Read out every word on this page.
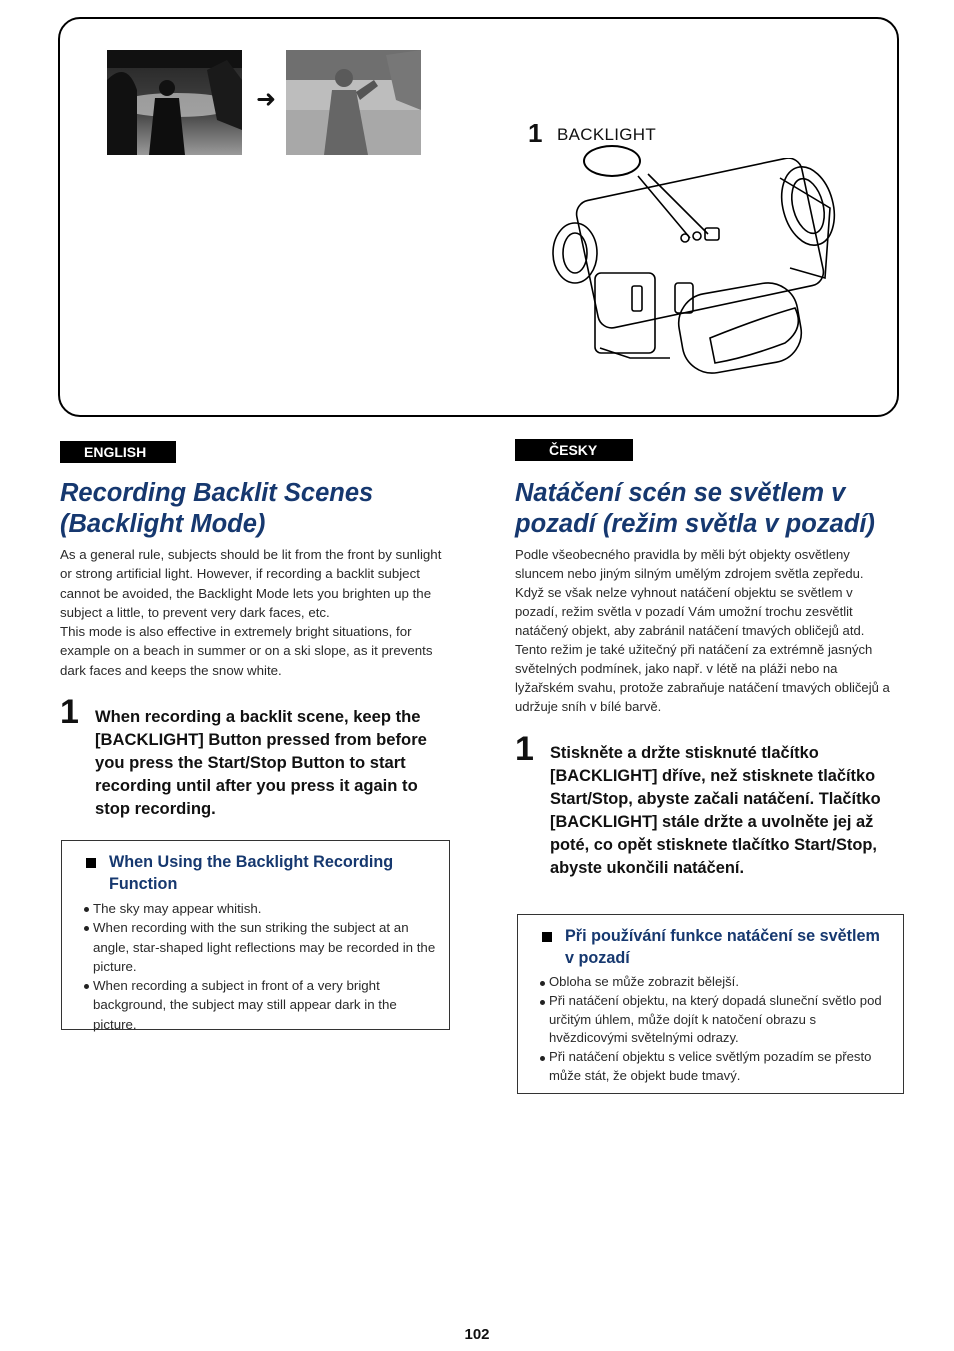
➜
1 BACKLIGHT
ENGLISH
Recording Backlit Scenes (Backlight Mode)
As a general rule, subjects should be lit from the front by sunlight or strong artificial light. However, if recording a backlit subject cannot be avoided, the Backlight Mode lets you brighten up the subject a little, to prevent very dark faces, etc.
This mode is also effective in extremely bright situations, for example on a beach in summer or on a ski slope, as it prevents dark faces and keeps the snow white.
1 When recording a backlit scene, keep the [BACKLIGHT] Button pressed from before you press the Start/Stop Button to start recording until after you press it again to stop recording.

When Using the Backlight Recording Function
The sky may appear whitish.
When recording with the sun striking the subject at an angle, star-shaped light reflections may be recorded in the picture.
When recording a subject in front of a very bright background, the subject may still appear dark in the picture.
ČESKY
Natáčení scén se světlem v pozadí (režim světla v pozadí)
Podle všeobecného pravidla by měli být objekty osvětleny sluncem nebo jiným silným umělým zdrojem světla zepředu. Když se však nelze vyhnout natáčení objektu se světlem v pozadí, režim světla v pozadí Vám umožní trochu zesvětlit natáčený objekt, aby zabránil natáčení tmavých obličejů atd.
Tento režim je také užitečný při natáčení za extrémně jasných světelných podmínek, jako např. v létě na pláži nebo na lyžařském svahu, protože zabraňuje natáčení tmavých obličejů a udržuje sníh v bílé barvě.
1 Stiskněte a držte stisknuté tlačítko [BACKLIGHT] dříve, než stisknete tlačítko Start/Stop, abyste začali natáčení. Tlačítko [BACKLIGHT] stále držte a uvolněte jej až poté, co opět stisknete tlačítko Start/Stop, abyste ukončili natáčení.

Při používání funkce natáčení se světlem v pozadí
Obloha se může zobrazit bělejší.
Při natáčení objektu, na který dopadá sluneční světlo pod určitým úhlem, může dojít k natočení obrazu s hvězdicovými světelnými odrazy.
Při natáčení objektu s velice světlým pozadím se přesto může stát, že objekt bude tmavý.
102
